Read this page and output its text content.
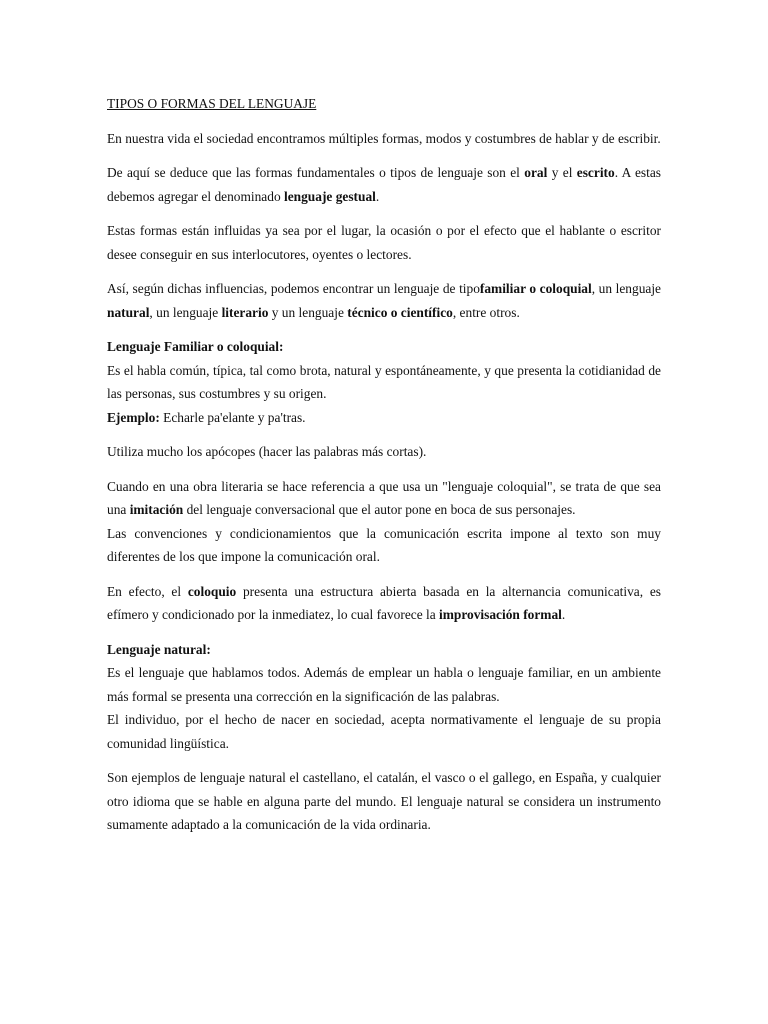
TIPOS O FORMAS DEL LENGUAJE

En nuestra vida el sociedad encontramos múltiples formas, modos y costumbres de hablar y de escribir.

De aquí se deduce que las formas fundamentales o tipos de lenguaje son el oral y el escrito. A estas debemos agregar el denominado lenguaje gestual.

Estas formas están influidas ya sea por el lugar, la ocasión o por el efecto que el hablante o escritor desee conseguir en sus interlocutores, oyentes o lectores.

Así, según dichas influencias, podemos encontrar un lenguaje de tipofamiliar o coloquial, un lenguaje natural, un lenguaje literario y un lenguaje técnico o científico, entre otros.

Lenguaje Familiar o coloquial:
Es el habla común, típica, tal como brota, natural y espontáneamente, y que presenta la cotidianidad de las personas, sus costumbres y su origen.
Ejemplo: Echarle pa'elante y pa'tras.

Utiliza mucho los apócopes (hacer las palabras más cortas).

Cuando en una obra literaria se hace referencia a que usa un "lenguaje coloquial", se trata de que sea una imitación del lenguaje conversacional que el autor pone en boca de sus personajes.
Las convenciones y condicionamientos que la comunicación escrita impone al texto son muy diferentes de los que impone la comunicación oral.

En efecto, el coloquio presenta una estructura abierta basada en la alternancia comunicativa, es efímero y condicionado por la inmediatez, lo cual favorece la improvisación formal.

Lenguaje natural:
Es el lenguaje que hablamos todos. Además de emplear un habla o lenguaje familiar, en un ambiente más formal se presenta una corrección en la significación de las palabras.
El individuo, por el hecho de nacer en sociedad, acepta normativamente el lenguaje de su propia comunidad lingüística.

Son ejemplos de lenguaje natural el castellano, el catalán, el vasco o el gallego, en España, y cualquier otro idioma que se hable en alguna parte del mundo. El lenguaje natural se considera un instrumento sumamente adaptado a la comunicación de la vida ordinaria.
